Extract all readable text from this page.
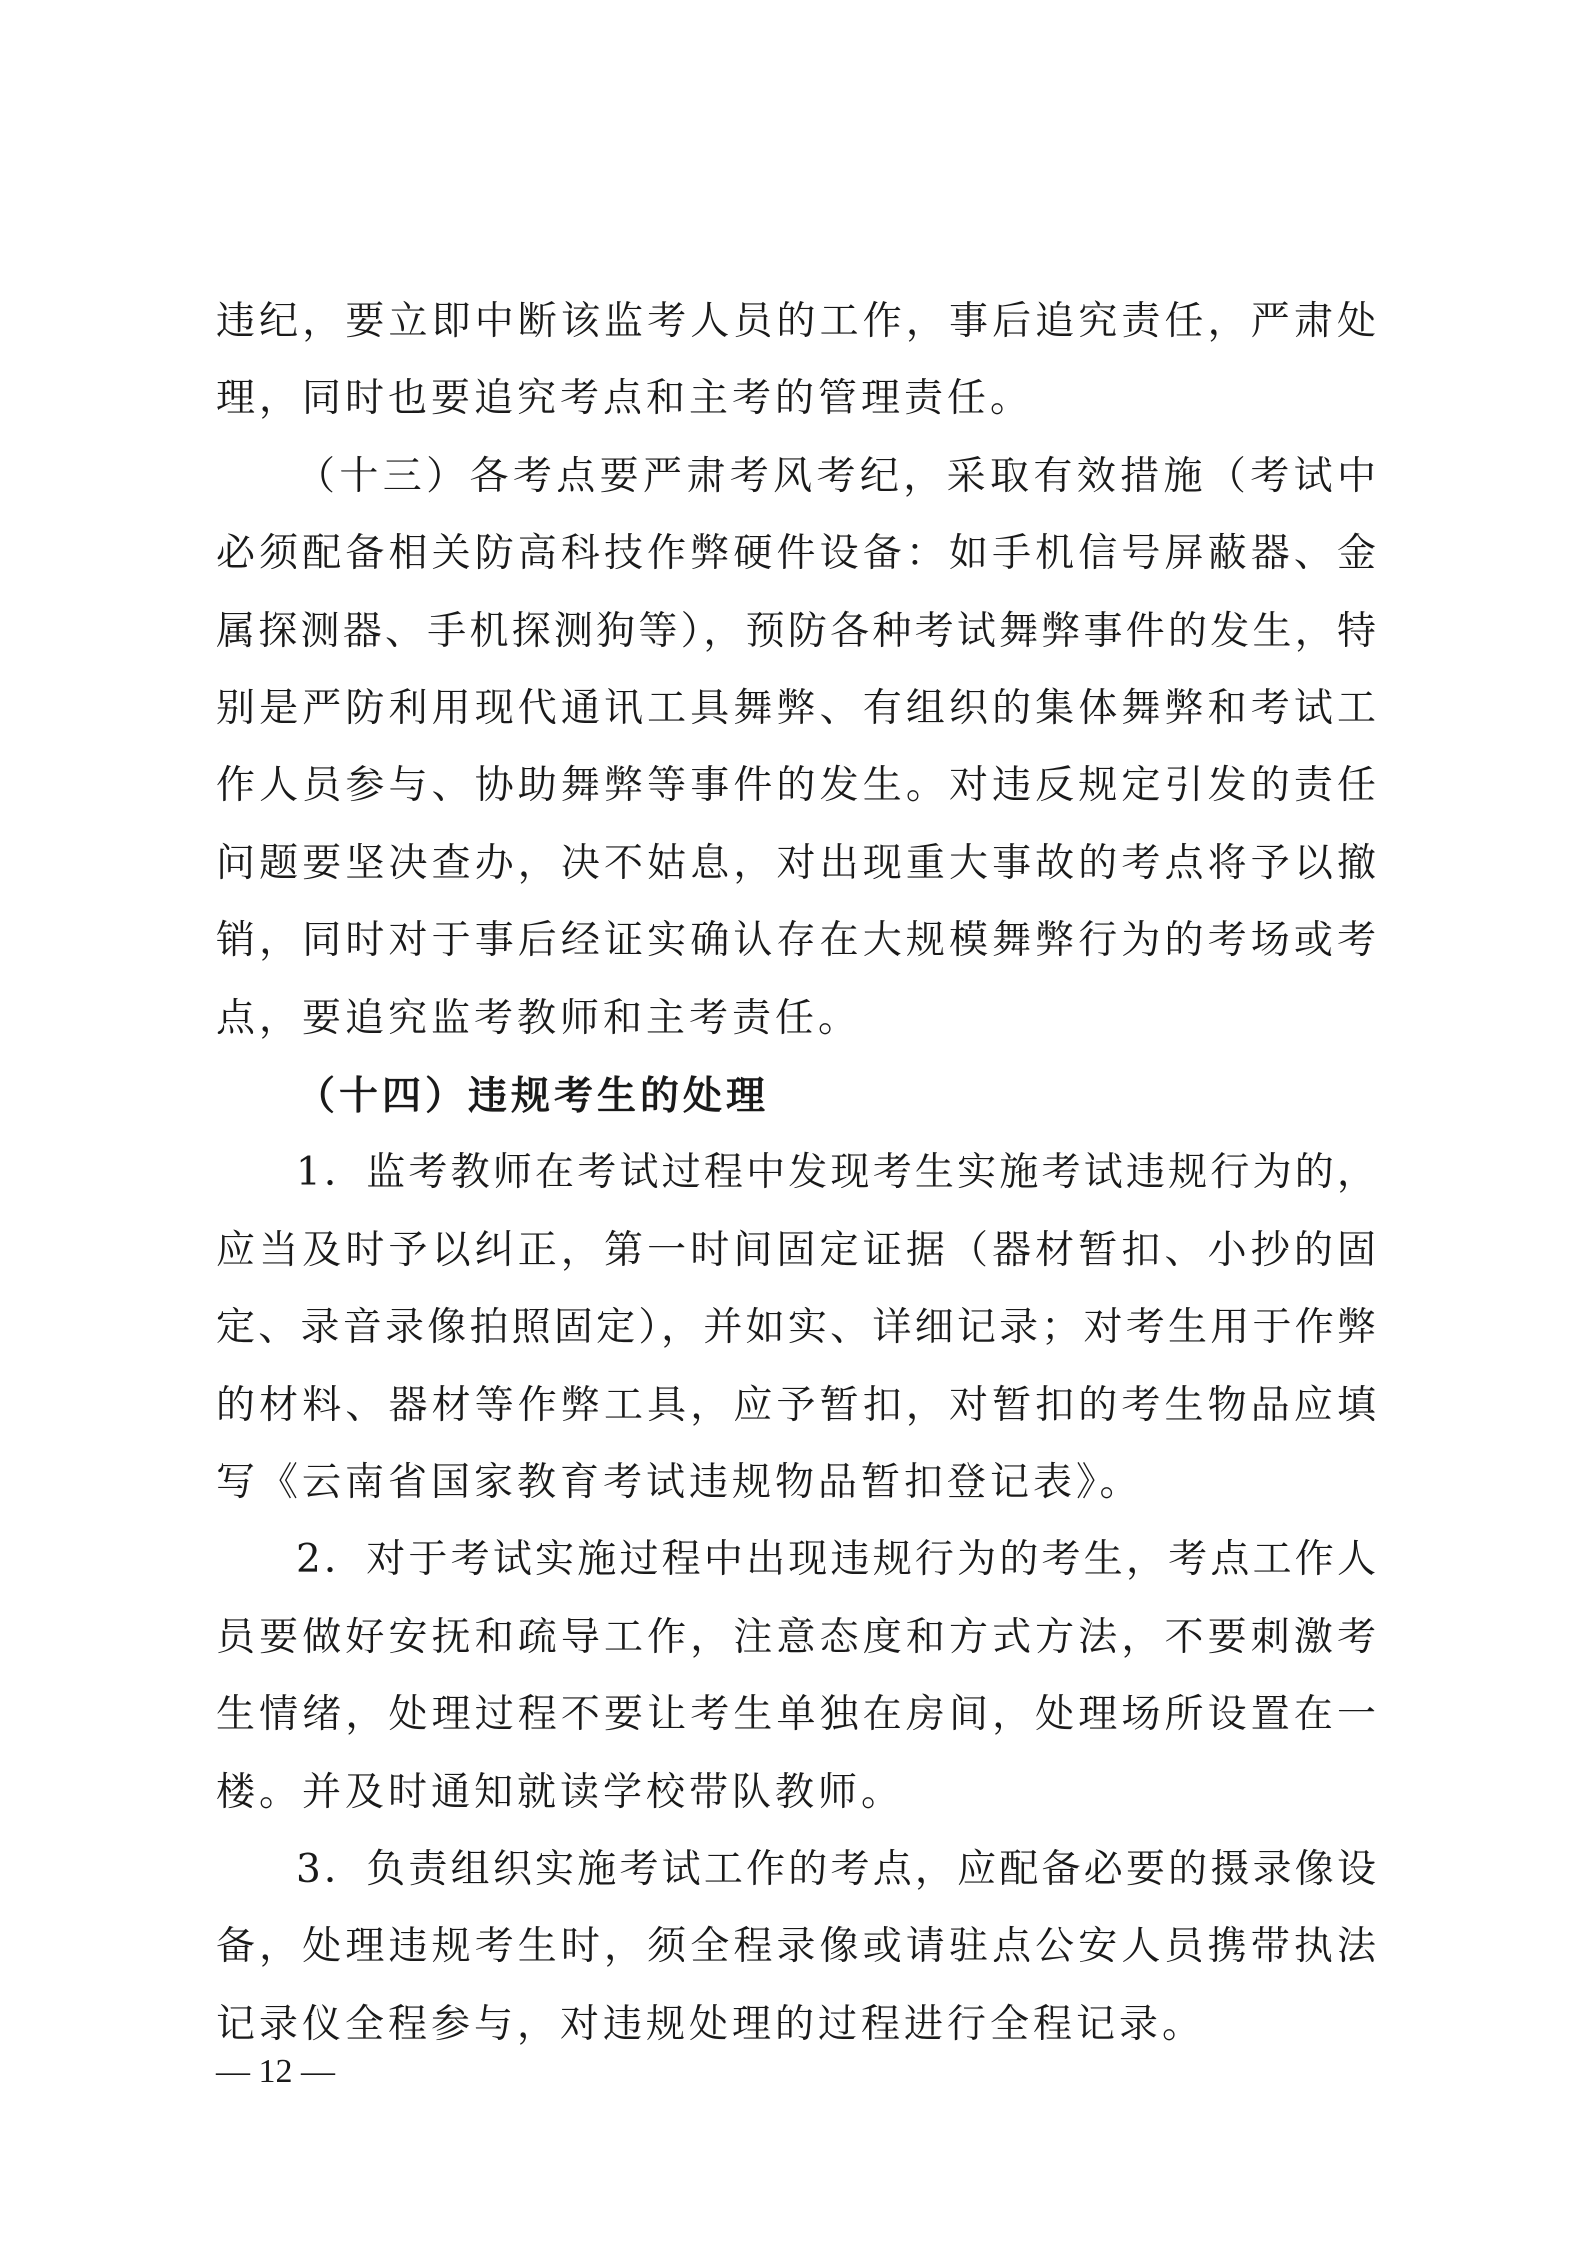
违纪，要立即中断该监考人员的工作，事后追究责任，严肃处
理，同时也要追究考点和主考的管理责任。
（十三）各考点要严肃考风考纪，采取有效措施（考试中
必须配备相关防高科技作弊硬件设备：如手机信号屏蔽器、金
属探测器、手机探测狗等），预防各种考试舞弊事件的发生，特
别是严防利用现代通讯工具舞弊、有组织的集体舞弊和考试工
作人员参与、协助舞弊等事件的发生。对违反规定引发的责任
问题要坚决查办，决不姑息，对出现重大事故的考点将予以撤
销，同时对于事后经证实确认存在大规模舞弊行为的考场或考
点，要追究监考教师和主考责任。
（十四）违规考生的处理
1．监考教师在考试过程中发现考生实施考试违规行为的，
应当及时予以纠正，第一时间固定证据（器材暂扣、小抄的固
定、录音录像拍照固定），并如实、详细记录；对考生用于作弊
的材料、器材等作弊工具，应予暂扣，对暂扣的考生物品应填
写《云南省国家教育考试违规物品暂扣登记表》。
2．对于考试实施过程中出现违规行为的考生，考点工作人
员要做好安抚和疏导工作，注意态度和方式方法，不要刺激考
生情绪，处理过程不要让考生单独在房间，处理场所设置在一
楼。并及时通知就读学校带队教师。
3．负责组织实施考试工作的考点，应配备必要的摄录像设
备，处理违规考生时，须全程录像或请驻点公安人员携带执法
记录仪全程参与，对违规处理的过程进行全程记录。
— 12 —
